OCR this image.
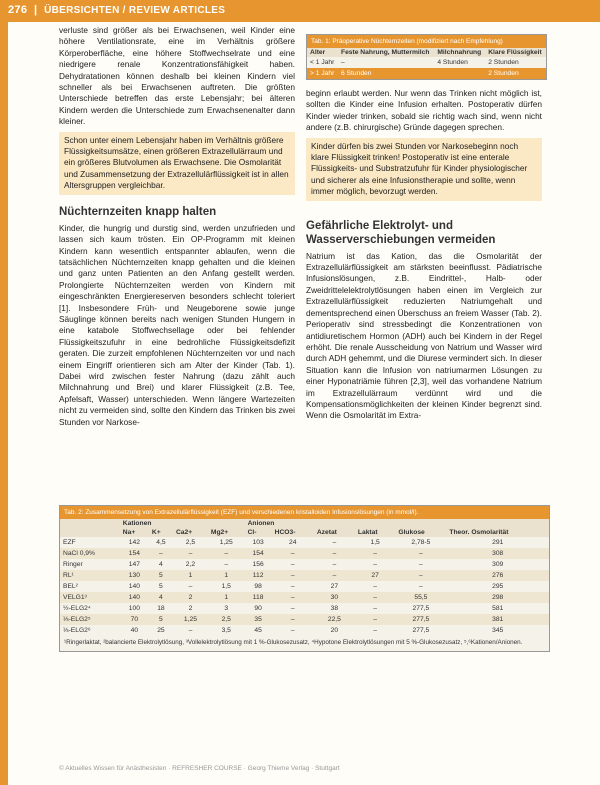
276  |  ÜBERSICHTEN / REVIEW ARTICLES

verluste sind größer als bei Erwachsenen, weil Kinder eine höhere Ventilationsrate, eine im Verhältnis größere Körperoberfläche, eine höhere Stoffwechselrate und eine niedrigere renale Konzentrationsfähigkeit haben. Dehydratationen können deshalb bei kleinen Kindern viel schneller als bei Erwachsenen auftreten. Die größten Unterschiede betreffen das erste Lebensjahr; bei älteren Kindern werden die Unterschiede zum Erwachsenenalter dann kleiner.

Schon unter einem Lebensjahr haben im Verhältnis größere Flüssigkeitsumsätze, einen größeren Extrazellulärraum und ein größeres Blutvolumen als Erwachsene. Die Osmolarität und Zusammensetzung der Extrazellulärflüssigkeit ist in allen Altersgruppen vergleichbar.
Nüchternzeiten knapp halten

Kinder, die hungrig und durstig sind, werden unzufrieden und lassen sich kaum trösten. Ein OP-Programm mit kleinen Kindern kann wesentlich entspannter ablaufen, wenn die tatsächlichen Nüchternzeiten knapp gehalten und die kleinen und ganz unten Patienten an den Anfang gestellt werden. Prolongierte Nüchternzeiten werden von Kindern mit eingeschränkten Energiereserven besonders schlecht toleriert [1]. Insbesondere Früh- und Neugeborene sowie junge Säuglinge können bereits nach wenigen Stunden Hungern in eine katabole Stoffwechsellage oder bei fehlender Flüssigkeitszufuhr in eine bedrohliche Flüssigkeitsdefizit geraten. Die zurzeit empfohlenen Nüchternzeiten vor und nach einem Eingriff orientieren sich am Alter der Kinder (Tab. 1). Dabei wird zwischen fester Nahrung (dazu zählt auch Milchnahrung und Brei) und klarer Flüssigkeit (z.B. Tee, Apfelsaft, Wasser) unterschieden. Wenn längere Wartezeiten nicht zu vermeiden sind, sollte den Kindern das Trinken bis zwei Stunden vor Narkose-

Tab. 1: Präoperative Nüchternzeiten (modifiziert nach Empfehlung)
Alter	Feste Nahrung, Muttermilch	Milchnahrung	Klare Flüssigkeit
< 1 Jahr	–	4 Stunden	2 Stunden
> 1 Jahr	6 Stunden		2 Stunden

beginn erlaubt werden. Nur wenn das Trinken nicht möglich ist, sollten die Kinder eine Infusion erhalten. Postoperativ dürfen Kinder wieder trinken, sobald sie richtig wach sind, wenn nicht andere (z.B. chirurgische) Gründe dagegen sprechen.

Kinder dürfen bis zwei Stunden vor Narkosebeginn noch klare Flüssigkeit trinken! Postoperativ ist eine enterale Flüssigkeits- und Substratzufuhr für Kinder physiologischer und sicherer als eine Infusionstherapie und sollte, wenn immer möglich, bevorzugt werden.
Gefährliche Elektrolyt- und Wasserverschiebungen vermeiden

Natrium ist das Kation, das die Osmolarität der Extrazellulärflüssigkeit am stärksten beeinflusst. Pädiatrische Infusionslösungen, z.B. Eindrittel-, Halb- oder Zweidrittelelektrolytlösungen haben einen im Vergleich zur Extrazellulärflüssigkeit reduzierten Natriumgehalt und dementsprechend einen Überschuss an freiem Wasser (Tab. 2). Perioperativ sind stressbedingt die Konzentrationen von antidiuretischem Hormon (ADH) auch bei Kindern in der Regel erhöht. Die renale Ausscheidung von Natrium und Wasser wird durch ADH gehemmt, und die Diurese vermindert sich. In dieser Situation kann die Infusion von natriumarmen Lösungen zu einer Hyponatriämie führen [2,3], weil das vorhandene Natrium im Extrazellulärraum verdünnt wird und die Kompensationsmöglichkeiten der kleinen Kinder begrenzt sind. Wenn die Osmolarität im Extra-

Tab. 2: Zusammensetzung von Extrazellulärflüssigkeit (EZF) und verschiedenen kristalloiden Infusionslösungen (in mmol/l).
	Kationen				Anionen					
	Na+	K+	Ca2+	Mg2+	Cl-	HCO3-	Azetat	Laktat	Glukose	Theor. Osmolarität
EZF	142	4,5	2,5	1,25	103	24	–	1,5	2,78-5	291
NaCl 0,9%	154	–	–	–	154	–	–	–	–	308
Ringer	147	4	2,2	–	156	–	–	–	–	309
RL¹	130	5	1	1	112	–	–	27	–	276
BEL²	140	5	–	1,5	98	–	27	–	–	295
VELG1³	140	4	2	1	118	–	30	–	55,5	298
½-ELG2⁴	100	18	2	3	90	–	38	–	277,5	581
⅓-ELG2⁵	70	5	1,25	2,5	35	–	22,5	–	277,5	381
⅓-ELG2⁶	40	25	–	3,5	45	–	20	–	277,5	345
¹Ringerlaktat, ²balancierte Elektrolytlösung, ³Vollelektrolytlösung mit 1 %-Glukosezusatz, ⁴Hypotone Elektrolytlösungen mit 5 %-Glukosezusatz, ⁵,⁶Kationen/Anionen.
© Aktuelles Wissen für Anästhesisten · REFRESHER COURSE · Georg Thieme Verlag · Stuttgart
